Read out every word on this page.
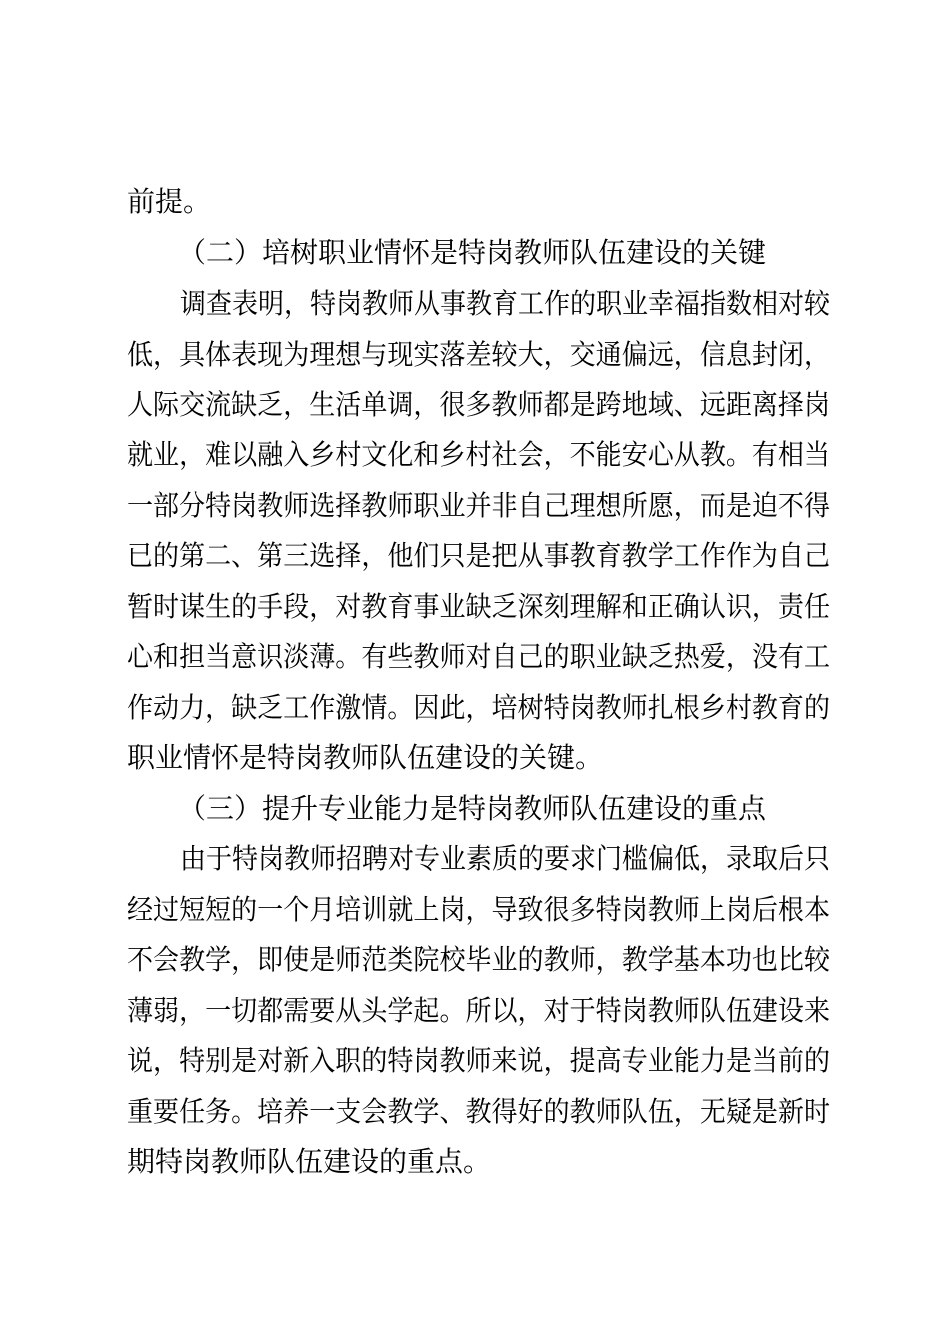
前提。
（二）培树职业情怀是特岗教师队伍建设的关键
调查表明，特岗教师从事教育工作的职业幸福指数相对较
低，具体表现为理想与现实落差较大，交通偏远，信息封闭，
人际交流缺乏，生活单调，很多教师都是跨地域、远距离择岗
就业，难以融入乡村文化和乡村社会，不能安心从教。有相当
一部分特岗教师选择教师职业并非自己理想所愿，而是迫不得
已的第二、第三选择，他们只是把从事教育教学工作作为自己
暂时谋生的手段，对教育事业缺乏深刻理解和正确认识，责任
心和担当意识淡薄。有些教师对自己的职业缺乏热爱，没有工
作动力，缺乏工作激情。因此，培树特岗教师扎根乡村教育的
职业情怀是特岗教师队伍建设的关键。
（三）提升专业能力是特岗教师队伍建设的重点
由于特岗教师招聘对专业素质的要求门槛偏低，录取后只
经过短短的一个月培训就上岗，导致很多特岗教师上岗后根本
不会教学，即使是师范类院校毕业的教师，教学基本功也比较
薄弱，一切都需要从头学起。所以，对于特岗教师队伍建设来
说，特别是对新入职的特岗教师来说，提高专业能力是当前的
重要任务。培养一支会教学、教得好的教师队伍，无疑是新时
期特岗教师队伍建设的重点。
